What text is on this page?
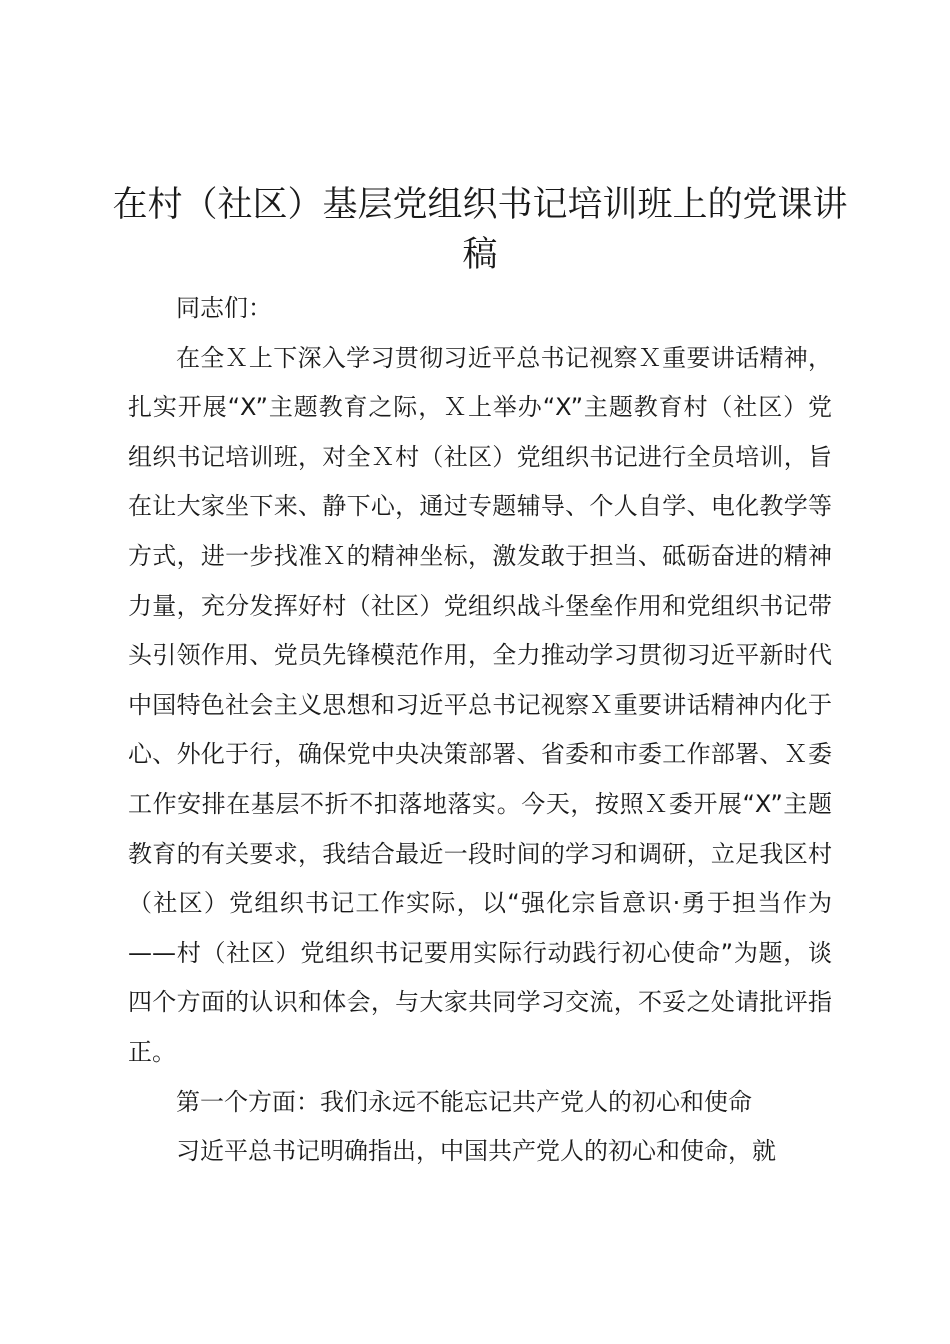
在村（社区）基层党组织书记培训班上的党课讲稿

同志们：

在全Ｘ上下深入学习贯彻习近平总书记视察Ｘ重要讲话精神，扎实开展“X”主题教育之际，Ｘ上举办“X”主题教育村（社区）党组织书记培训班，对全Ｘ村（社区）党组织书记进行全员培训，旨在让大家坐下来、静下心，通过专题辅导、个人自学、电化教学等方式，进一步找准Ｘ的精神坐标，激发敢于担当、砥砺奋进的精神力量，充分发挥好村（社区）党组织战斗堡垒作用和党组织书记带头引领作用、党员先锋模范作用，全力推动学习贯彻习近平新时代中国特色社会主义思想和习近平总书记视察Ｘ重要讲话精神内化于心、外化于行，确保党中央决策部署、省委和市委工作部署、Ｘ委工作安排在基层不折不扣落地落实。今天，按照Ｘ委开展“X”主题教育的有关要求，我结合最近一段时间的学习和调研，立足我区村（社区）党组织书记工作实际，以“强化宗旨意识·勇于担当作为——村（社区）党组织书记要用实际行动践行初心使命”为题，谈四个方面的认识和体会，与大家共同学习交流，不妥之处请批评指正。

第一个方面：我们永远不能忘记共产党人的初心和使命

习近平总书记明确指出，中国共产党人的初心和使命，就
